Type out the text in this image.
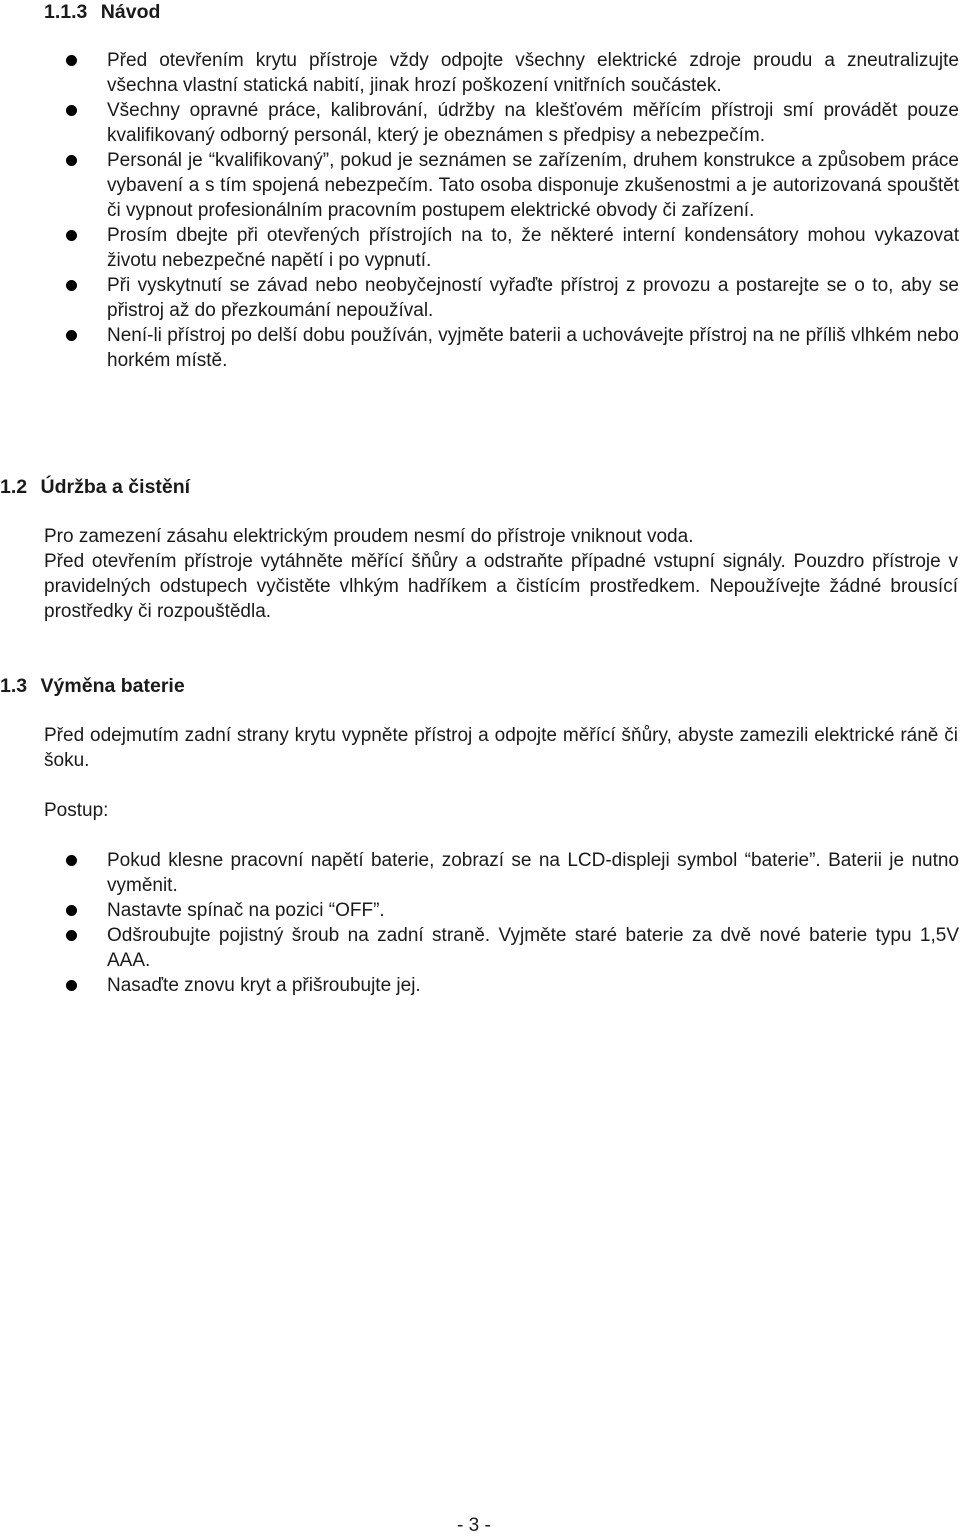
1.1.3 Návod
Před otevřením krytu přístroje vždy odpojte všechny elektrické zdroje proudu a zneutralizujte všechna vlastní statická nabití, jinak hrozí poškození vnitřních součástek.
Všechny opravné práce, kalibrování, údržby na klešťovém měřícím přístroji smí provádět pouze kvalifikovaný odborný personál, který je obeznámen s předpisy a nebezpečím.
Personál je “kvalifikovaný”, pokud je seznámen se zařízením, druhem konstrukce a způsobem práce vybavení a s tím spojená nebezpečím. Tato osoba disponuje zkušenostmi a je autorizovaná spouštět či vypnout profesionálním pracovním postupem elektrické obvody či zařízení.
Prosím dbejte při otevřených přístrojích na to, že některé interní kondensátory mohou vykazovat životu nebezpečné napětí i po vypnutí.
Při vyskytnutí se závad nebo neobyčejností vyřaďte přístroj z provozu a postarejte se o to, aby se přistroj až do přezkoumání nepoužíval.
Není-li přístroj po delší dobu používán, vyjměte baterii a uchovávejte přístroj na ne příliš vlhkém nebo horkém místě.
1.2 Údržba a čistění

Pro zamezení zásahu elektrickým proudem nesmí do přístroje vniknout voda.
Před otevřením přístroje vytáhněte měřící šňůry a odstraňte případné vstupní signály. Pouzdro přístroje v pravidelných odstupech vyčistěte vlhkým hadříkem a čistícím prostředkem. Nepoužívejte žádné brousící prostředky či rozpouštědla.

1.3 Výměna baterie

Před odejmutím zadní strany krytu vypněte přístroj a odpojte měřící šňůry, abyste zamezili elektrické ráně či šoku.

Postup:

Pokud klesne pracovní napětí baterie, zobrazí se na LCD-displeji symbol “baterie”. Baterii je nutno vyměnit.
Nastavte spínač na pozici “OFF”.
Odšroubujte pojistný šroub na zadní straně. Vyjměte staré baterie za dvě nové baterie typu 1,5V AAA.
Nasaďte znovu kryt a přišroubujte jej.
- 3 -
